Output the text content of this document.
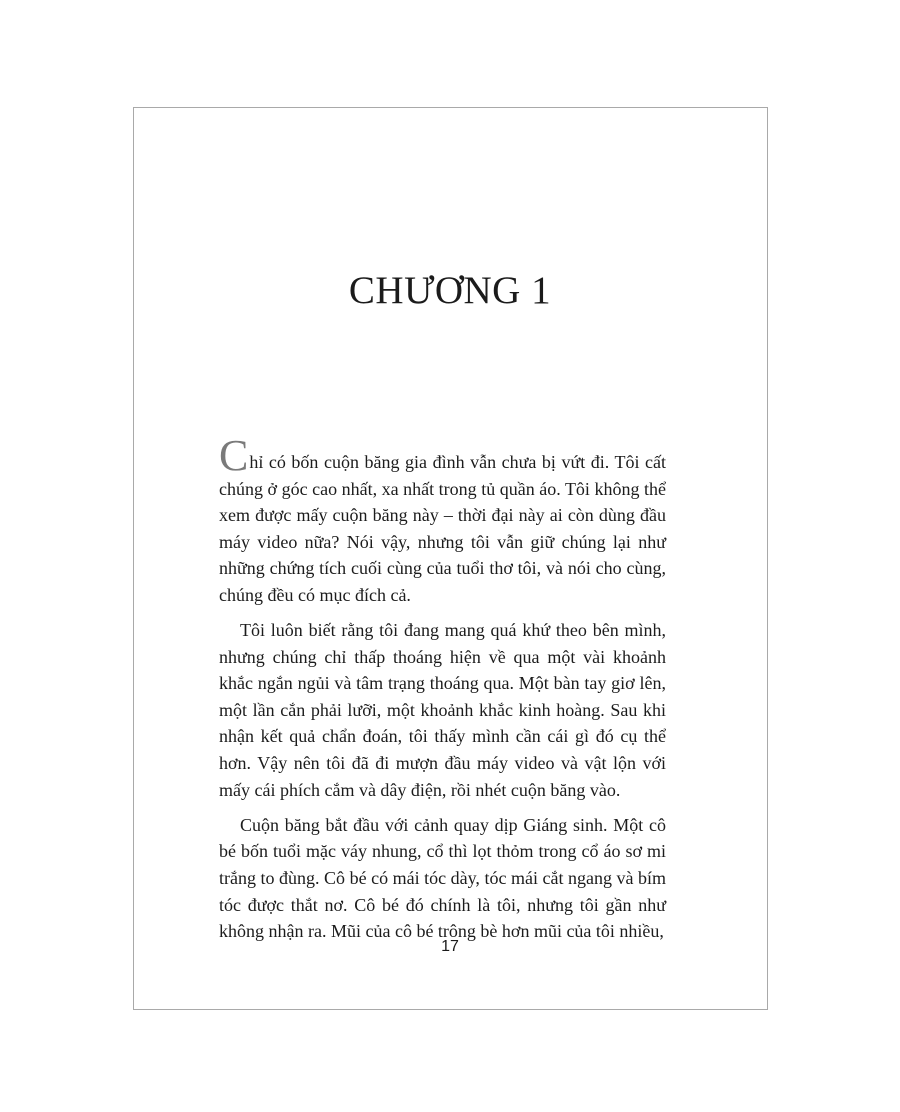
CHƯƠNG 1

Chỉ có bốn cuộn băng gia đình vẫn chưa bị vứt đi. Tôi cất chúng ở góc cao nhất, xa nhất trong tủ quần áo. Tôi không thể xem được mấy cuộn băng này – thời đại này ai còn dùng đầu máy video nữa? Nói vậy, nhưng tôi vẫn giữ chúng lại như những chứng tích cuối cùng của tuổi thơ tôi, và nói cho cùng, chúng đều có mục đích cả.

Tôi luôn biết rằng tôi đang mang quá khứ theo bên mình, nhưng chúng chỉ thấp thoáng hiện về qua một vài khoảnh khắc ngắn ngủi và tâm trạng thoáng qua. Một bàn tay giơ lên, một lần cắn phải lưỡi, một khoảnh khắc kinh hoàng. Sau khi nhận kết quả chẩn đoán, tôi thấy mình cần cái gì đó cụ thể hơn. Vậy nên tôi đã đi mượn đầu máy video và vật lộn với mấy cái phích cắm và dây điện, rồi nhét cuộn băng vào.

Cuộn băng bắt đầu với cảnh quay dịp Giáng sinh. Một cô bé bốn tuổi mặc váy nhung, cổ thì lọt thỏm trong cổ áo sơ mi trắng to đùng. Cô bé có mái tóc dày, tóc mái cắt ngang và bím tóc được thắt nơ. Cô bé đó chính là tôi, nhưng tôi gần như không nhận ra. Mũi của cô bé trông bè hơn mũi của tôi nhiều,

17
